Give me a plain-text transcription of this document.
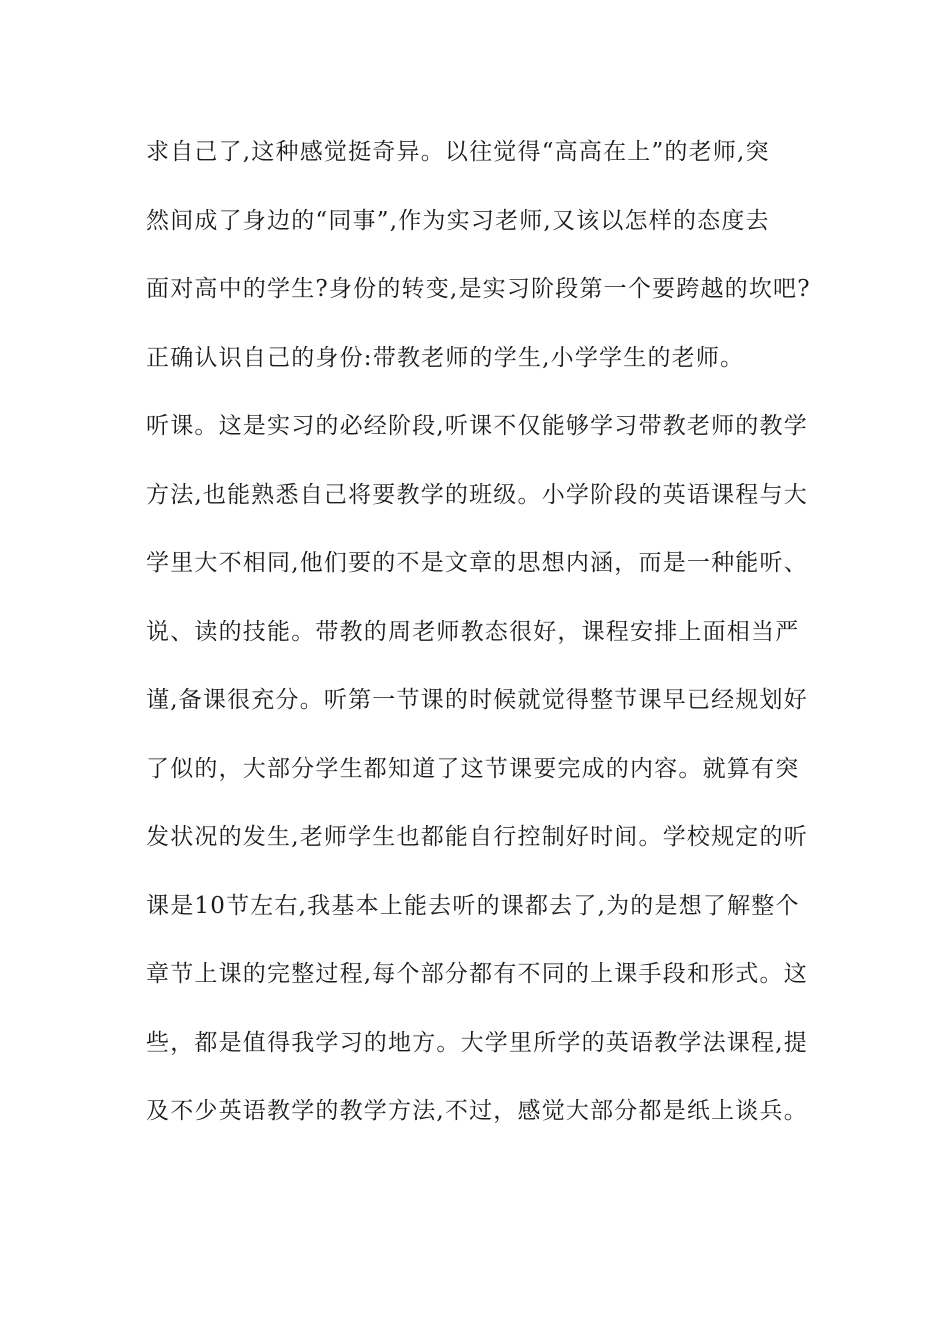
求自己了,这种感觉挺奇异。以往觉得“高高在上”的老师,突
然间成了身边的“同事”,作为实习老师,又该以怎样的态度去
面对高中的学生?身份的转变,是实习阶段第一个要跨越的坎吧?
正确认识自己的身份:带教老师的学生,小学学生的老师。
听课。这是实习的必经阶段,听课不仅能够学习带教老师的教学
方法,也能熟悉自己将要教学的班级。小学阶段的英语课程与大
学里大不相同,他们要的不是文章的思想内涵，而是一种能听、
说、读的技能。带教的周老师教态很好，课程安排上面相当严
谨,备课很充分。听第一节课的时候就觉得整节课早已经规划好
了似的，大部分学生都知道了这节课要完成的内容。就算有突
发状况的发生,老师学生也都能自行控制好时间。学校规定的听
课是10节左右,我基本上能去听的课都去了,为的是想了解整个
章节上课的完整过程,每个部分都有不同的上课手段和形式。这
些，都是值得我学习的地方。大学里所学的英语教学法课程,提
及不少英语教学的教学方法,不过，感觉大部分都是纸上谈兵。
